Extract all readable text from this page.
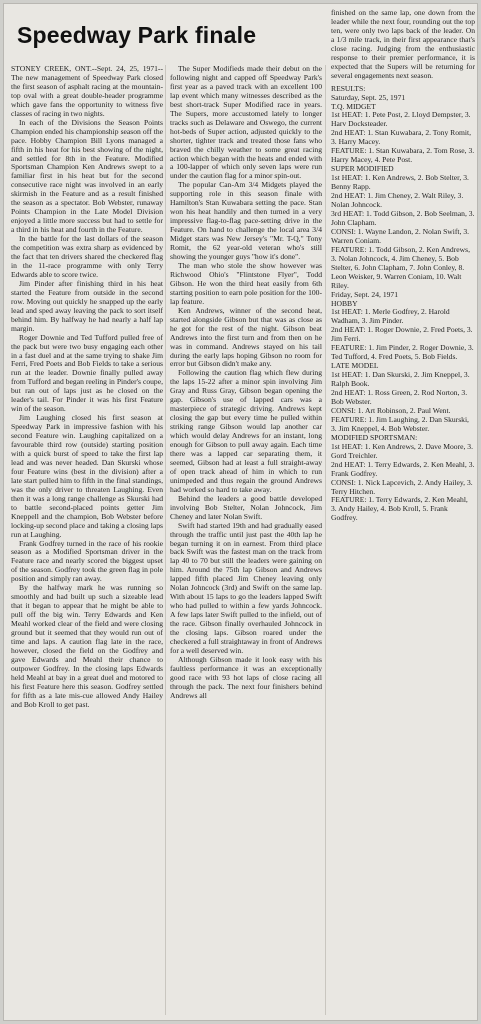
Speedway Park finale

STONEY CREEK, ONT.--Sept. 24, 25, 1971--The new management of Speedway Park closed the first season of asphalt racing at the mountain-top oval with a great double-header programme which gave fans the opportunity to witness five classes of racing in two nights.

In each of the Divisions the Season Points Champion ended his championship season off the pace. Hobby Champion Bill Lyons managed a fifth in his heat for his best showing of the night, and settled for 8th in the Feature. Modified Sportsman Champion Ken Andrews swept to a familiar first in his heat but for the second consecutive race night was involved in an early skirmish in the Feature and as a result finished the season as a spectator. Bob Webster, runaway Points Champion in the Late Model Division enjoyed a little more success but had to settle for a third in his heat and fourth in the Feature.

In the battle for the last dollars of the season the competition was extra sharp as evidenced by the fact that ten drivers shared the checkered flag in the 11-race programme with only Terry Edwards able to score twice.

Jim Pinder after finishing third in his heat started the Feature from outside in the second row. Moving out quickly he snapped up the early lead and sped away leaving the pack to sort itself behind him. By halfway he had nearly a half lap margin.

Roger Downie and Ted Tufford pulled free of the pack but were two busy engaging each other in a fast duel and at the same trying to shake Jim Ferri, Fred Poets and Bob Fields to take a serious run at the leader. Downie finally pulled away from Tufford and began reeling in Pinder's coupe, but ran out of laps just as he closed on the leader's tail. For Pinder it was his first Feature win of the season.

Jim Laughing closed his first season at Speedway Park in impressive fashion with his second Feature win. Laughing capitalized on a favourable third row (outside) starting position with a quick burst of speed to take the first lap lead and was never headed. Dan Skurski whose four Feature wins (best in the division) after a late start pulled him to fifth in the final standings, was the only driver to threaten Laughing. Even then it was a long range challenge as Skurski had to battle second-placed points getter Jim Kneppell and the champion, Bob Webster before locking-up second place and taking a closing laps run at Laughing.

Frank Godfrey turned in the race of his rookie season as a Modified Sportsman driver in the Feature race and nearly scored the biggest upset of the season. Godfrey took the green flag in pole position and simply ran away.

By the halfway mark he was running so smoothly and had built up such a sizeable lead that it began to appear that he might be able to pull off the big win. Terry Edwards and Ken Meahl worked clear of the field and were closing ground but it seemed that they would run out of time and laps. A caution flag late in the race, however, closed the field on the Godfrey and gave Edwards and Meahl their chance to outpower Godfrey. In the closing laps Edwards held Meahl at bay in a great duel and motored to his first Feature here this season. Godfrey settled for fifth as a late mis-cue allowed Andy Hailey and Bob Kroll to get past.

The Super Modifieds made their debut on the following night and capped off Speedway Park's first year as a paved track with an excellent 100 lap event which many witnesses described as the best short-track Super Modified race in years. The Supers, more accustomed lately to longer tracks such as Delaware and Oswego, the current hot-beds of Super action, adjusted quickly to the shorter, tighter track and treated those fans who braved the chilly weather to some great racing action which began with the heats and ended with a 100-lapper of which only seven laps were run under the caution flag for a minor spin-out.

The popular Can-Am 3/4 Midgets played the supporting role in this season finale with Hamilton's Stan Kuwabara setting the pace. Stan won his heat handily and then turned in a very impressive flag-to-flag pace-setting drive in the Feature. On hand to challenge the local area 3/4 Midget stars was New Jersey's "Mr. T-Q," Tony Romit, the 62 year-old veteran who's still showing the younger guys "how it's done".

The man who stole the show however was Richwood Ohio's "Flintstone Flyer", Todd Gibson. He won the third heat easily from 6th starting position to earn pole position for the 100-lap feature.

Ken Andrews, winner of the second heat, started alongside Gibson but that was as close as he got for the rest of the night. Gibson beat Andrews into the first turn and from then on he was in command. Andrews stayed on his tail during the early laps hoping Gibson no room for error but Gibson didn't make any.

Following the caution flag which flew during the laps 15-22 after a minor spin involving Jim Gray and Russ Gray, Gibson began opening the gap. Gibson's use of lapped cars was a masterpiece of strategic driving. Andrews kept closing the gap but every time he pulled within striking range Gibson would lap another car which would delay Andrews for an instant, long enough for Gibson to pull away again. Each time there was a lapped car separating them, it seemed, Gibson had at least a full straight-away of open track ahead of him in which to run unimpeded and thus regain the ground Andrews had worked so hard to take away.

Behind the leaders a good battle developed involving Bob Stelter, Nolan Johncock, Jim Cheney and later Nolan Swift.

Swift had started 19th and had gradually eased through the traffic until just past the 40th lap he began turning it on in earnest. From third place back Swift was the fastest man on the track from lap 40 to 70 but still the leaders were gaining on him. Around the 75th lap Gibson and Andrews lapped fifth placed Jim Cheney leaving only Nolan Johncock (3rd) and Swift on the same lap. With about 15 laps to go the leaders lapped Swift who had pulled to within a few yards Johncock. A few laps later Swift pulled to the infield, out of the race. Gibson finally overhauled Johncock in the closing laps. Gibson roared under the checkered a full straightaway in front of Andrews for a well deserved win.

Although Gibson made it look easy with his faultless performance it was an exceptionally good race with 93 hot laps of close racing all through the pack. The next four finishers behind Andrews all

finished on the same lap, one down from the leader while the next four, rounding out the top ten, were only two laps back of the leader. On a 1/3 mile track, in their first appearance that's close racing. Judging from the enthusiastic response to their premier performance, it is expected that the Supers will be returning for several engagements next season.

RESULTS:

Saturday, Sept. 25, 1971

T.Q. MIDGET

1st HEAT: 1. Pete Post, 2. Lloyd Dempster, 3. Harv Docksteader.

2nd HEAT: 1. Stan Kuwabara, 2. Tony Romit, 3. Harry Macey.

FEATURE: 1. Stan Kuwabara, 2. Tom Rose, 3. Harry Macey, 4. Pete Post.

SUPER MODIFIED

1st HEAT: 1. Ken Andrews, 2. Bob Stelter, 3. Benny Rapp.

2nd HEAT: 1. Jim Cheney, 2. Walt Riley, 3. Nolan Johncock.

3rd HEAT: 1. Todd Gibson, 2. Bob Seelman, 3. John Clapham.

CONSI: 1. Wayne Landon, 2. Nolan Swift, 3. Warren Coniam.

FEATURE: 1. Todd Gibson, 2. Ken Andrews, 3. Nolan Johncock, 4. Jim Cheney, 5. Bob Stelter, 6. John Clapham, 7. John Conley, 8. Leon Weisker, 9. Warren Coniam, 10. Walt Riley.

Friday, Sept. 24, 1971

HOBBY

1st HEAT: 1. Merle Godfrey, 2. Harold Wadham, 3. Jim Pinder.

2nd HEAT: 1. Roger Downie, 2. Fred Poets, 3. Jim Ferri.

FEATURE: 1. Jim Pinder, 2. Roger Downie, 3. Ted Tufford, 4. Fred Poets, 5. Bob Fields.

LATE MODEL

1st HEAT: 1. Dan Skurski, 2. Jim Kneppel, 3. Ralph Book.

2nd HEAT: 1. Ross Green, 2. Rod Norton, 3. Bob Webster.

CONSI: 1. Art Robinson, 2. Paul Went.

FEATURE: 1. Jim Laughing, 2. Dan Skurski, 3. Jim Kneppel, 4. Bob Webster.

MODIFIED SPORTSMAN:

1st HEAT: 1. Ken Andrews, 2. Dave Moore, 3. Gord Treichler.

2nd HEAT: 1. Terry Edwards, 2. Ken Meahl, 3. Frank Godfrey.

CONSI: 1. Nick Lapcevich, 2. Andy Hailey, 3. Terry Hitchen.

FEATURE: 1. Terry Edwards, 2. Ken Meahl, 3. Andy Hailey, 4. Bob Kroll, 5. Frank Godfrey.
